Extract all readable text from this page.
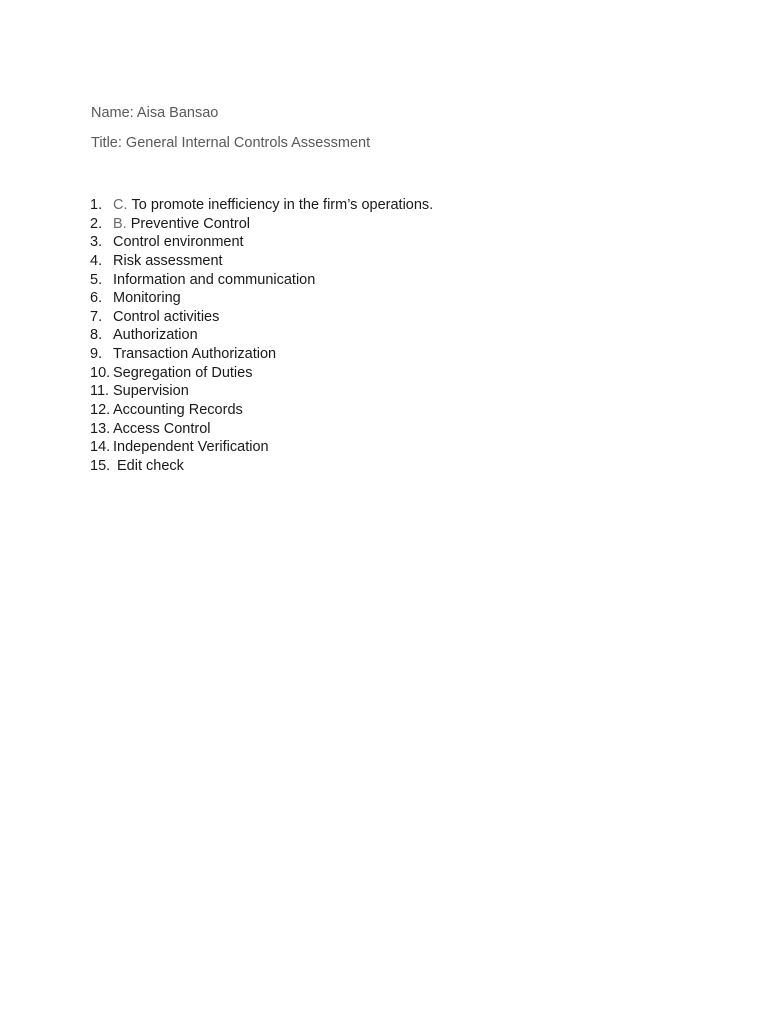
Name: Aisa Bansao
Title: General Internal Controls Assessment
1. C. To promote inefficiency in the firm’s operations.
2. B. Preventive Control
3. Control environment
4. Risk assessment
5. Information and communication
6. Monitoring
7. Control activities
8. Authorization
9. Transaction Authorization
10. Segregation of Duties
11. Supervision
12. Accounting Records
13. Access Control
14. Independent Verification
15. Edit check
